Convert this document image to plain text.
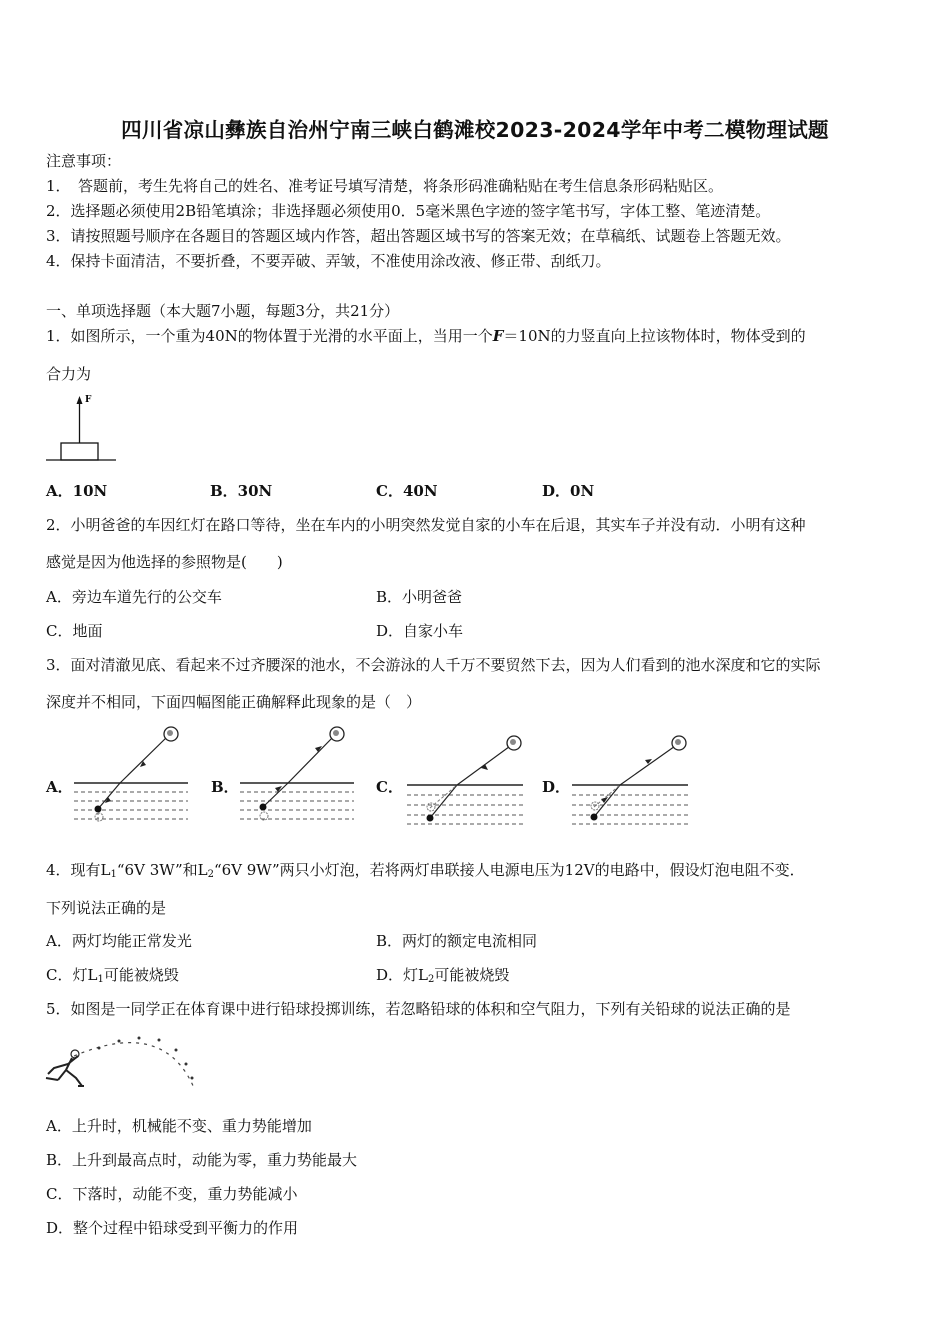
四川省凉山彝族自治州宁南三峡白鹤滩校2023-2024学年中考二模物理试题
注意事项：
1．　答题前，考生先将自己的姓名、准考证号填写清楚，将条形码准确粘贴在考生信息条形码粘贴区。
2．选择题必须使用2B铅笔填涂；非选择题必须使用0．5毫米黑色字迹的签字笔书写，字体工整、笔迹清楚。
3．请按照题号顺序在各题目的答题区域内作答，超出答题区域书写的答案无效；在草稿纸、试题卷上答题无效。
4．保持卡面清洁，不要折叠，不要弄破、弄皱，不准使用涂改液、修正带、刮纸刀。
一、单项选择题（本大题7小题，每题3分，共21分）
1．如图所示，一个重为40N的物体置于光滑的水平面上，当用一个F＝10N的力竖直向上拉该物体时，物体受到的
合力为
F
A．10N	B．30N	C．40N	D．0N
2．小明爸爸的车因红灯在路口等待，坐在车内的小明突然发觉自家的小车在后退，其实车子并没有动．小明有这种
感觉是因为他选择的参照物是(　　)
A．旁边车道先行的公交车	B．小明爸爸
C．地面	D．自家小车
3．面对清澈见底、看起来不过齐腰深的池水，不会游泳的人千万不要贸然下去，因为人们看到的池水深度和它的实际
深度并不相同，下面四幅图能正确解释此现象的是（　）
A．	B．	C．	D．
4．现有$L_1“6V$ 3W”和$L_2“6V$ 9W”两只小灯泡，若将两灯串联接人电源电压为12V的电路中，假设灯泡电阻不变．
下列说法正确的是
A．两灯均能正常发光	B．两灯的额定电流相同
C．灯$L_1$可能被烧毁	D．灯$L_2$可能被烧毁
5．如图是一同学正在体育课中进行铅球投掷训练，若忽略铅球的体积和空气阻力，下列有关铅球的说法正确的是
A．上升时，机械能不变、重力势能增加
B．上升到最高点时，动能为零，重力势能最大
C．下落时，动能不变，重力势能减小
D．整个过程中铅球受到平衡力的作用
